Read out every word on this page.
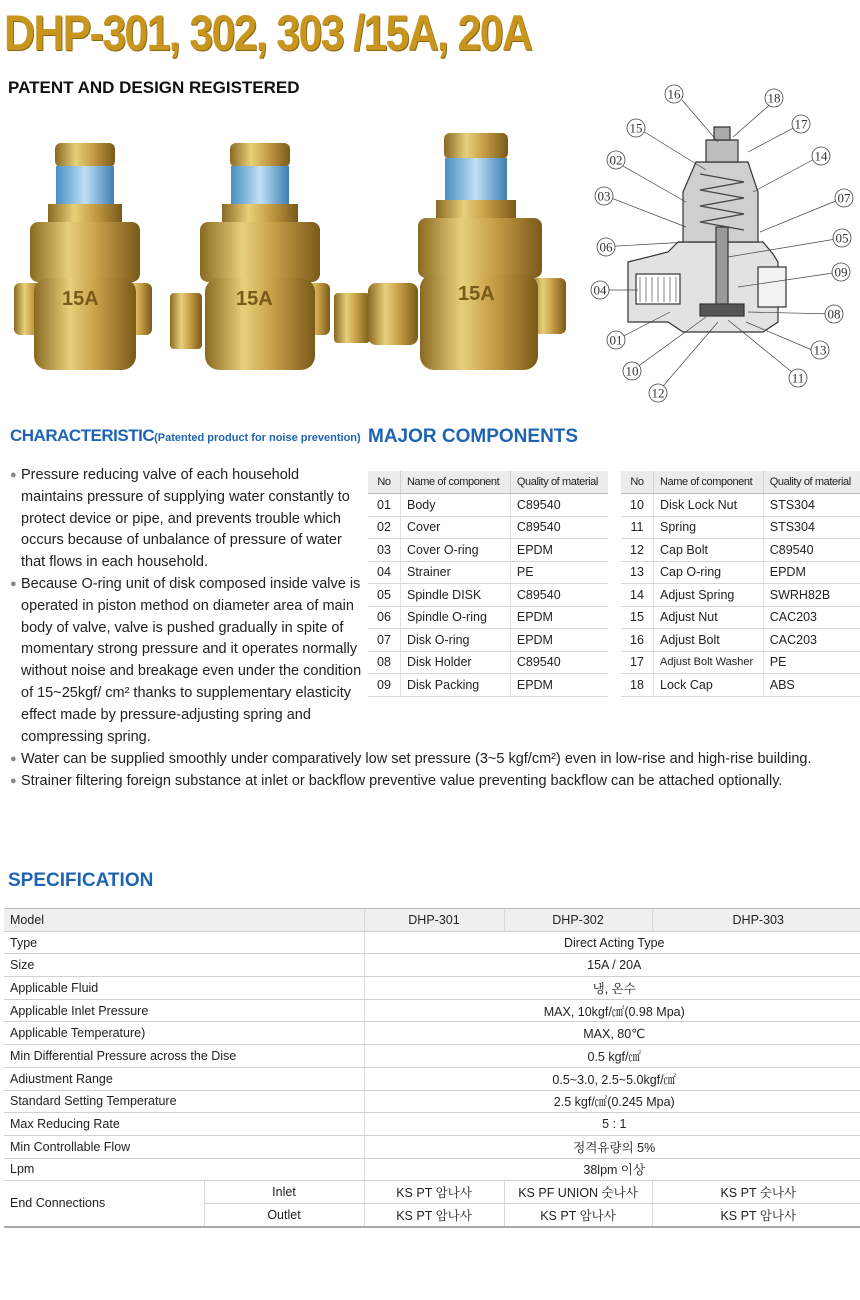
DHP-301, 302, 303 /15A, 20A
PATENT AND DESIGN REGISTERED
15A	15A	15A
16	18
17
15
14
02
03	07
05
06
09
04
08
01
13
10	11
12
CHARACTERISTIC(Patented product for noise prevention)
● Pressure reducing valve of each household maintains pressure of supplying water constantly to protect device or pipe, and prevents trouble which occurs because of unbalance of pressure of water that flows in each household.
● Because O-ring unit of disk composed inside valve is operated in piston method on diameter area of main body of valve, valve is pushed gradually in spite of momentary strong pressure and it operates normally without noise and breakage even under the condition of 15~25kgf/ cm² thanks to supplementary elasticity effect made by pressure-adjusting spring and compressing spring.
● Water can be supplied smoothly under comparatively low set pressure (3~5 kgf/cm²) even in low-rise and high-rise building.
● Strainer filtering foreign substance at inlet or backflow preventive value preventing backflow can be attached optionally.
MAJOR COMPONENTS
No	Name of component	Quality of material
01	Body	C89540
02	Cover	C89540
03	Cover O-ring	EPDM
04	Strainer	PE
05	Spindle DISK	C89540
06	Spindle O-ring	EPDM
07	Disk O-ring	EPDM
08	Disk Holder	C89540
09	Disk Packing	EPDM
No	Name of component	Quality of material
10	Disk Lock Nut	STS304
11	Spring	STS304
12	Cap Bolt	C89540
13	Cap O-ring	EPDM
14	Adjust Spring	SWRH82B
15	Adjust Nut	CAC203
16	Adjust Bolt	CAC203
17	Adjust Bolt Washer	PE
18	Lock Cap	ABS
SPECIFICATION
Model		DHP-301	DHP-302	DHP-303
Type		Direct Acting Type		
Size		15A / 20A		
Applicable Fluid		냉, 온수		
Applicable Inlet Pressure		MAX, 10kgf/㎠(0.98 Mpa)		
Applicable Temperature)		MAX, 80℃		
Min Differential Pressure across the Dise		0.5 kgf/㎠		
Adiustment Range		0.5~3.0, 2.5~5.0kgf/㎠		
Standard Setting Temperature		2.5 kgf/㎠(0.245 Mpa)		
Max Reducing Rate		5 : 1		
Min Controllable Flow		정격유량의 5%		
Lpm		38lpm 이상		
End Connections	Inlet	KS PT 암나사	KS PF UNION 숫나사	KS PT 숫나사
	Outlet	KS PT 암나사	KS PT 암나사	KS PT 암나사
